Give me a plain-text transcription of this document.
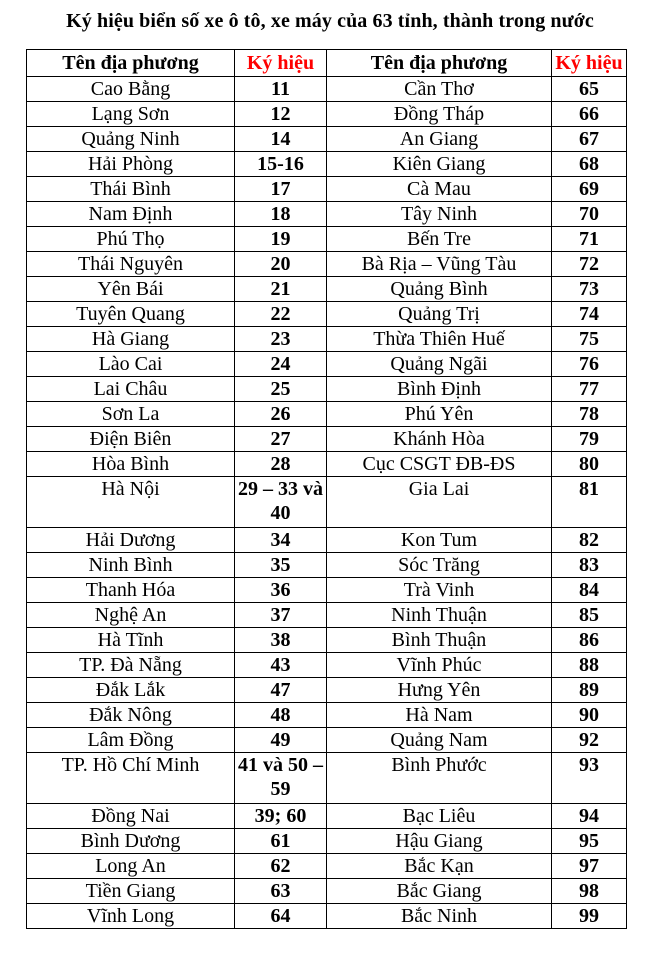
Ký hiệu biển số xe ô tô, xe máy của 63 tỉnh, thành trong nước
Tên địa phương	Ký hiệu	Tên địa phương	Ký hiệu
Cao Bằng	11	Cần Thơ	65
Lạng Sơn	12	Đồng Tháp	66
Quảng Ninh	14	An Giang	67
Hải Phòng	15-16	Kiên Giang	68
Thái Bình	17	Cà Mau	69
Nam Định	18	Tây Ninh	70
Phú Thọ	19	Bến Tre	71
Thái Nguyên	20	Bà Rịa – Vũng Tàu	72
Yên Bái	21	Quảng Bình	73
Tuyên Quang	22	Quảng Trị	74
Hà Giang	23	Thừa Thiên Huế	75
Lào Cai	24	Quảng Ngãi	76
Lai Châu	25	Bình Định	77
Sơn La	26	Phú Yên	78
Điện Biên	27	Khánh Hòa	79
Hòa Bình	28	Cục CSGT ĐB-ĐS	80
Hà Nội	29 – 33 và 40	Gia Lai	81
Hải Dương	34	Kon Tum	82
Ninh Bình	35	Sóc Trăng	83
Thanh Hóa	36	Trà Vinh	84
Nghệ An	37	Ninh Thuận	85
Hà Tĩnh	38	Bình Thuận	86
TP. Đà Nẵng	43	Vĩnh Phúc	88
Đắk Lắk	47	Hưng Yên	89
Đắk Nông	48	Hà Nam	90
Lâm Đồng	49	Quảng Nam	92
TP. Hồ Chí Minh	41 và 50 – 59	Bình Phước	93
Đồng Nai	39; 60	Bạc Liêu	94
Bình Dương	61	Hậu Giang	95
Long An	62	Bắc Kạn	97
Tiền Giang	63	Bắc Giang	98
Vĩnh Long	64	Bắc Ninh	99
